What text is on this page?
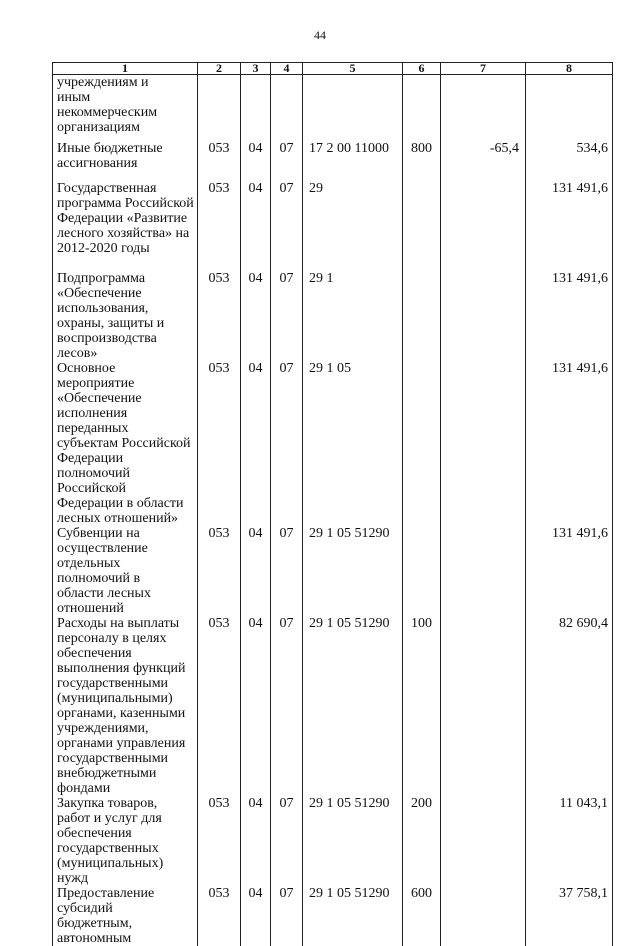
44
1	2	3	4	5	6	7	8

учреждениям и иным некоммерческим организациям							

Иные бюджетные ассигнования	053	04	07	17 2 00 11000	800	-65,4	534,6

Государственная программа Российской Федерации «Развитие лесного хозяйства» на 2012-2020 годы	053	04	07	29			131 491,6

Подпрограмма «Обеспечение использования, охраны, защиты и воспроизводства лесов»	053	04	07	29 1			131 491,6

Основное мероприятие «Обеспечение исполнения переданных субъектам Российской Федерации полномочий Российской Федерации в области лесных отношений»	053	04	07	29 1 05			131 491,6

Субвенции на осуществление отдельных полномочий в области лесных отношений	053	04	07	29 1 05 51290			131 491,6

Расходы на выплаты персоналу в целях обеспечения выполнения функций государственными (муниципальными) органами, казенными учреждениями, органами управления государственными внебюджетными фондами	053	04	07	29 1 05 51290	100		82 690,4

Закупка товаров, работ и услуг для обеспечения государственных (муниципальных) нужд	053	04	07	29 1 05 51290	200		11 043,1

Предоставление субсидий бюджетным, автономным	053	04	07	29 1 05 51290	600		37 758,1
